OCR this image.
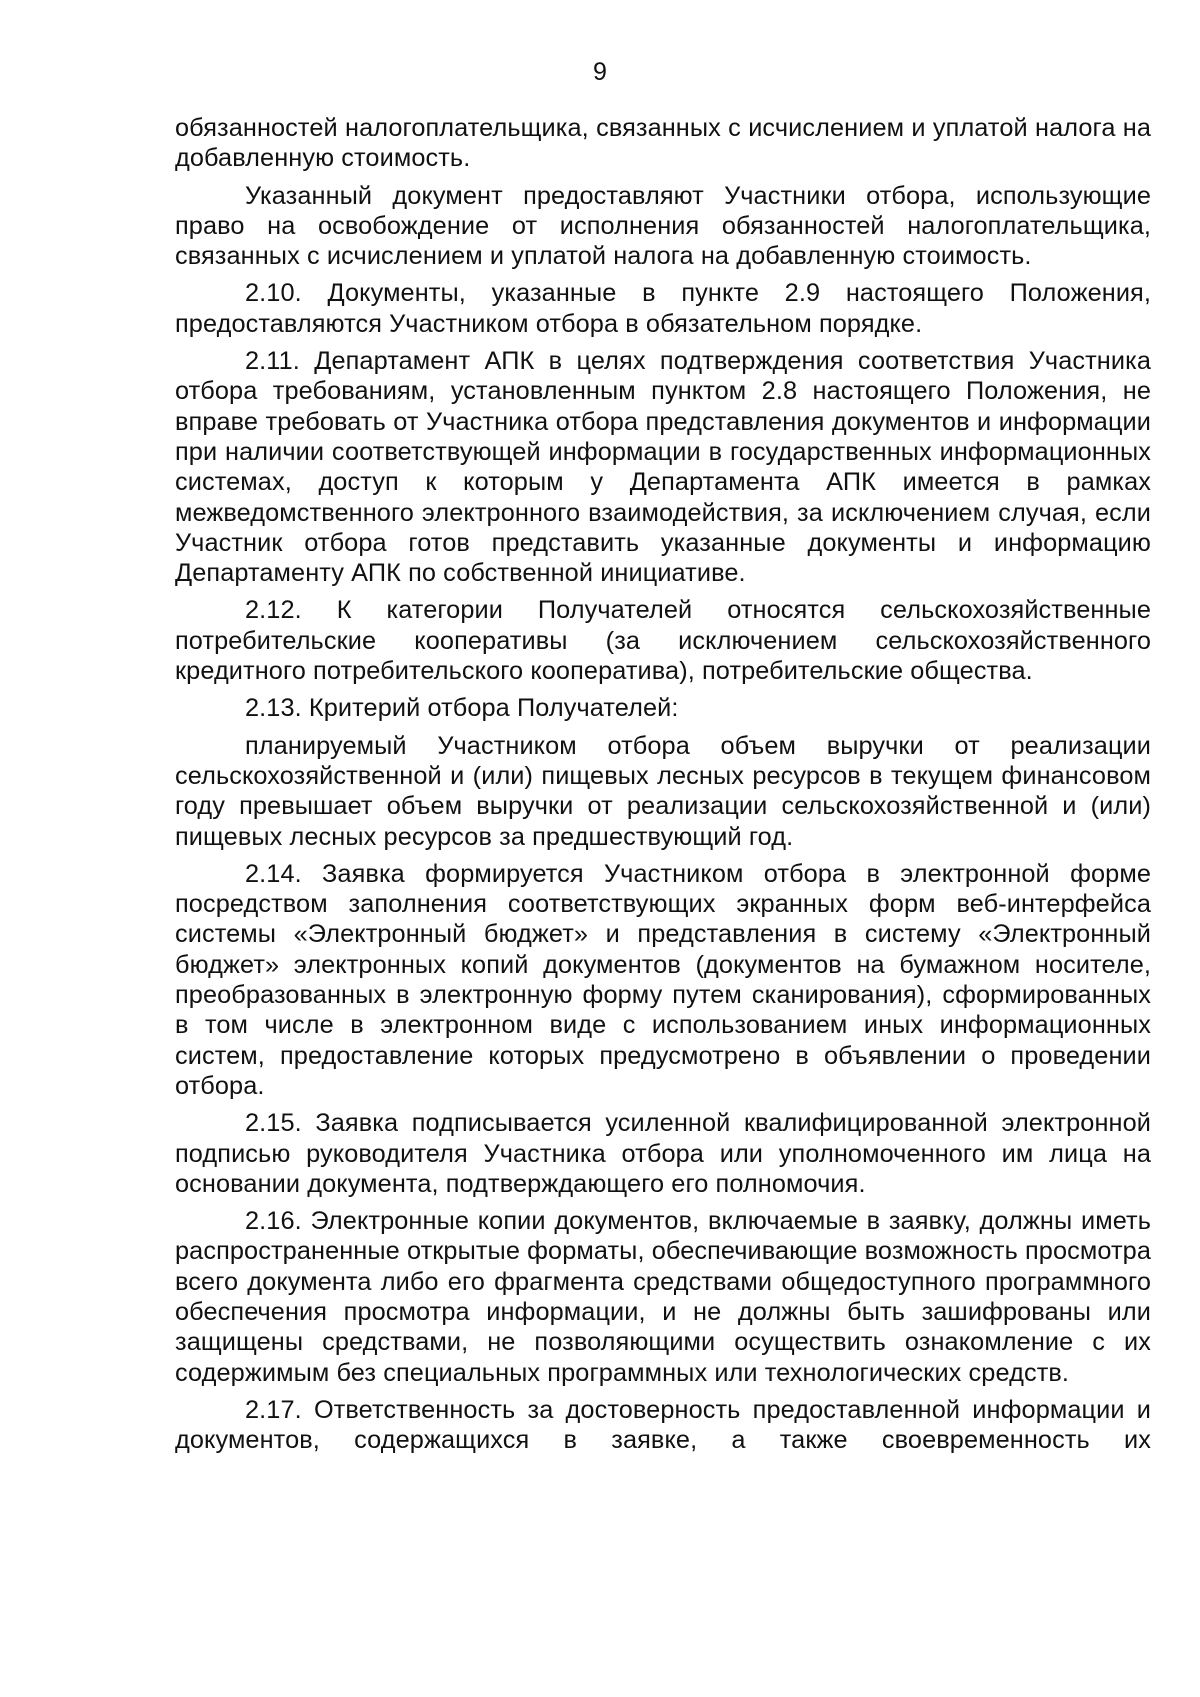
9

обязанностей налогоплательщика, связанных с исчислением и уплатой налога на добавленную стоимость.

Указанный документ предоставляют Участники отбора, использующие право на освобождение от исполнения обязанностей налогоплательщика, связанных с исчислением и уплатой налога на добавленную стоимость.

2.10. Документы, указанные в пункте 2.9 настоящего Положения, предоставляются Участником отбора в обязательном порядке.

2.11. Департамент АПК в целях подтверждения соответствия Участника отбора требованиям, установленным пунктом 2.8 настоящего Положения, не вправе требовать от Участника отбора представления документов и информации при наличии соответствующей информации в государственных информационных системах, доступ к которым у Департамента АПК имеется в рамках межведомственного электронного взаимодействия, за исключением случая, если Участник отбора готов представить указанные документы и информацию Департаменту АПК по собственной инициативе.

2.12. К категории Получателей относятся сельскохозяйственные потребительские кооперативы (за исключением сельскохозяйственного кредитного потребительского кооператива), потребительские общества.

2.13. Критерий отбора Получателей:

планируемый Участником отбора объем выручки от реализации сельскохозяйственной и (или) пищевых лесных ресурсов в текущем финансовом году превышает объем выручки от реализации сельскохозяйственной и (или) пищевых лесных ресурсов за предшествующий год.

2.14. Заявка формируется Участником отбора в электронной форме посредством заполнения соответствующих экранных форм веб-интерфейса системы «Электронный бюджет» и представления в систему «Электронный бюджет» электронных копий документов (документов на бумажном носителе, преобразованных в электронную форму путем сканирования), сформированных в том числе в электронном виде с использованием иных информационных систем, предоставление которых предусмотрено в объявлении о проведении отбора.

2.15. Заявка подписывается усиленной квалифицированной электронной подписью руководителя Участника отбора или уполномоченного им лица на основании документа, подтверждающего его полномочия.

2.16. Электронные копии документов, включаемые в заявку, должны иметь распространенные открытые форматы, обеспечивающие возможность просмотра всего документа либо его фрагмента средствами общедоступного программного обеспечения просмотра информации, и не должны быть зашифрованы или защищены средствами, не позволяющими осуществить ознакомление с их содержимым без специальных программных или технологических средств.

2.17. Ответственность за достоверность предоставленной информации и документов, содержащихся в заявке, а также своевременность их
